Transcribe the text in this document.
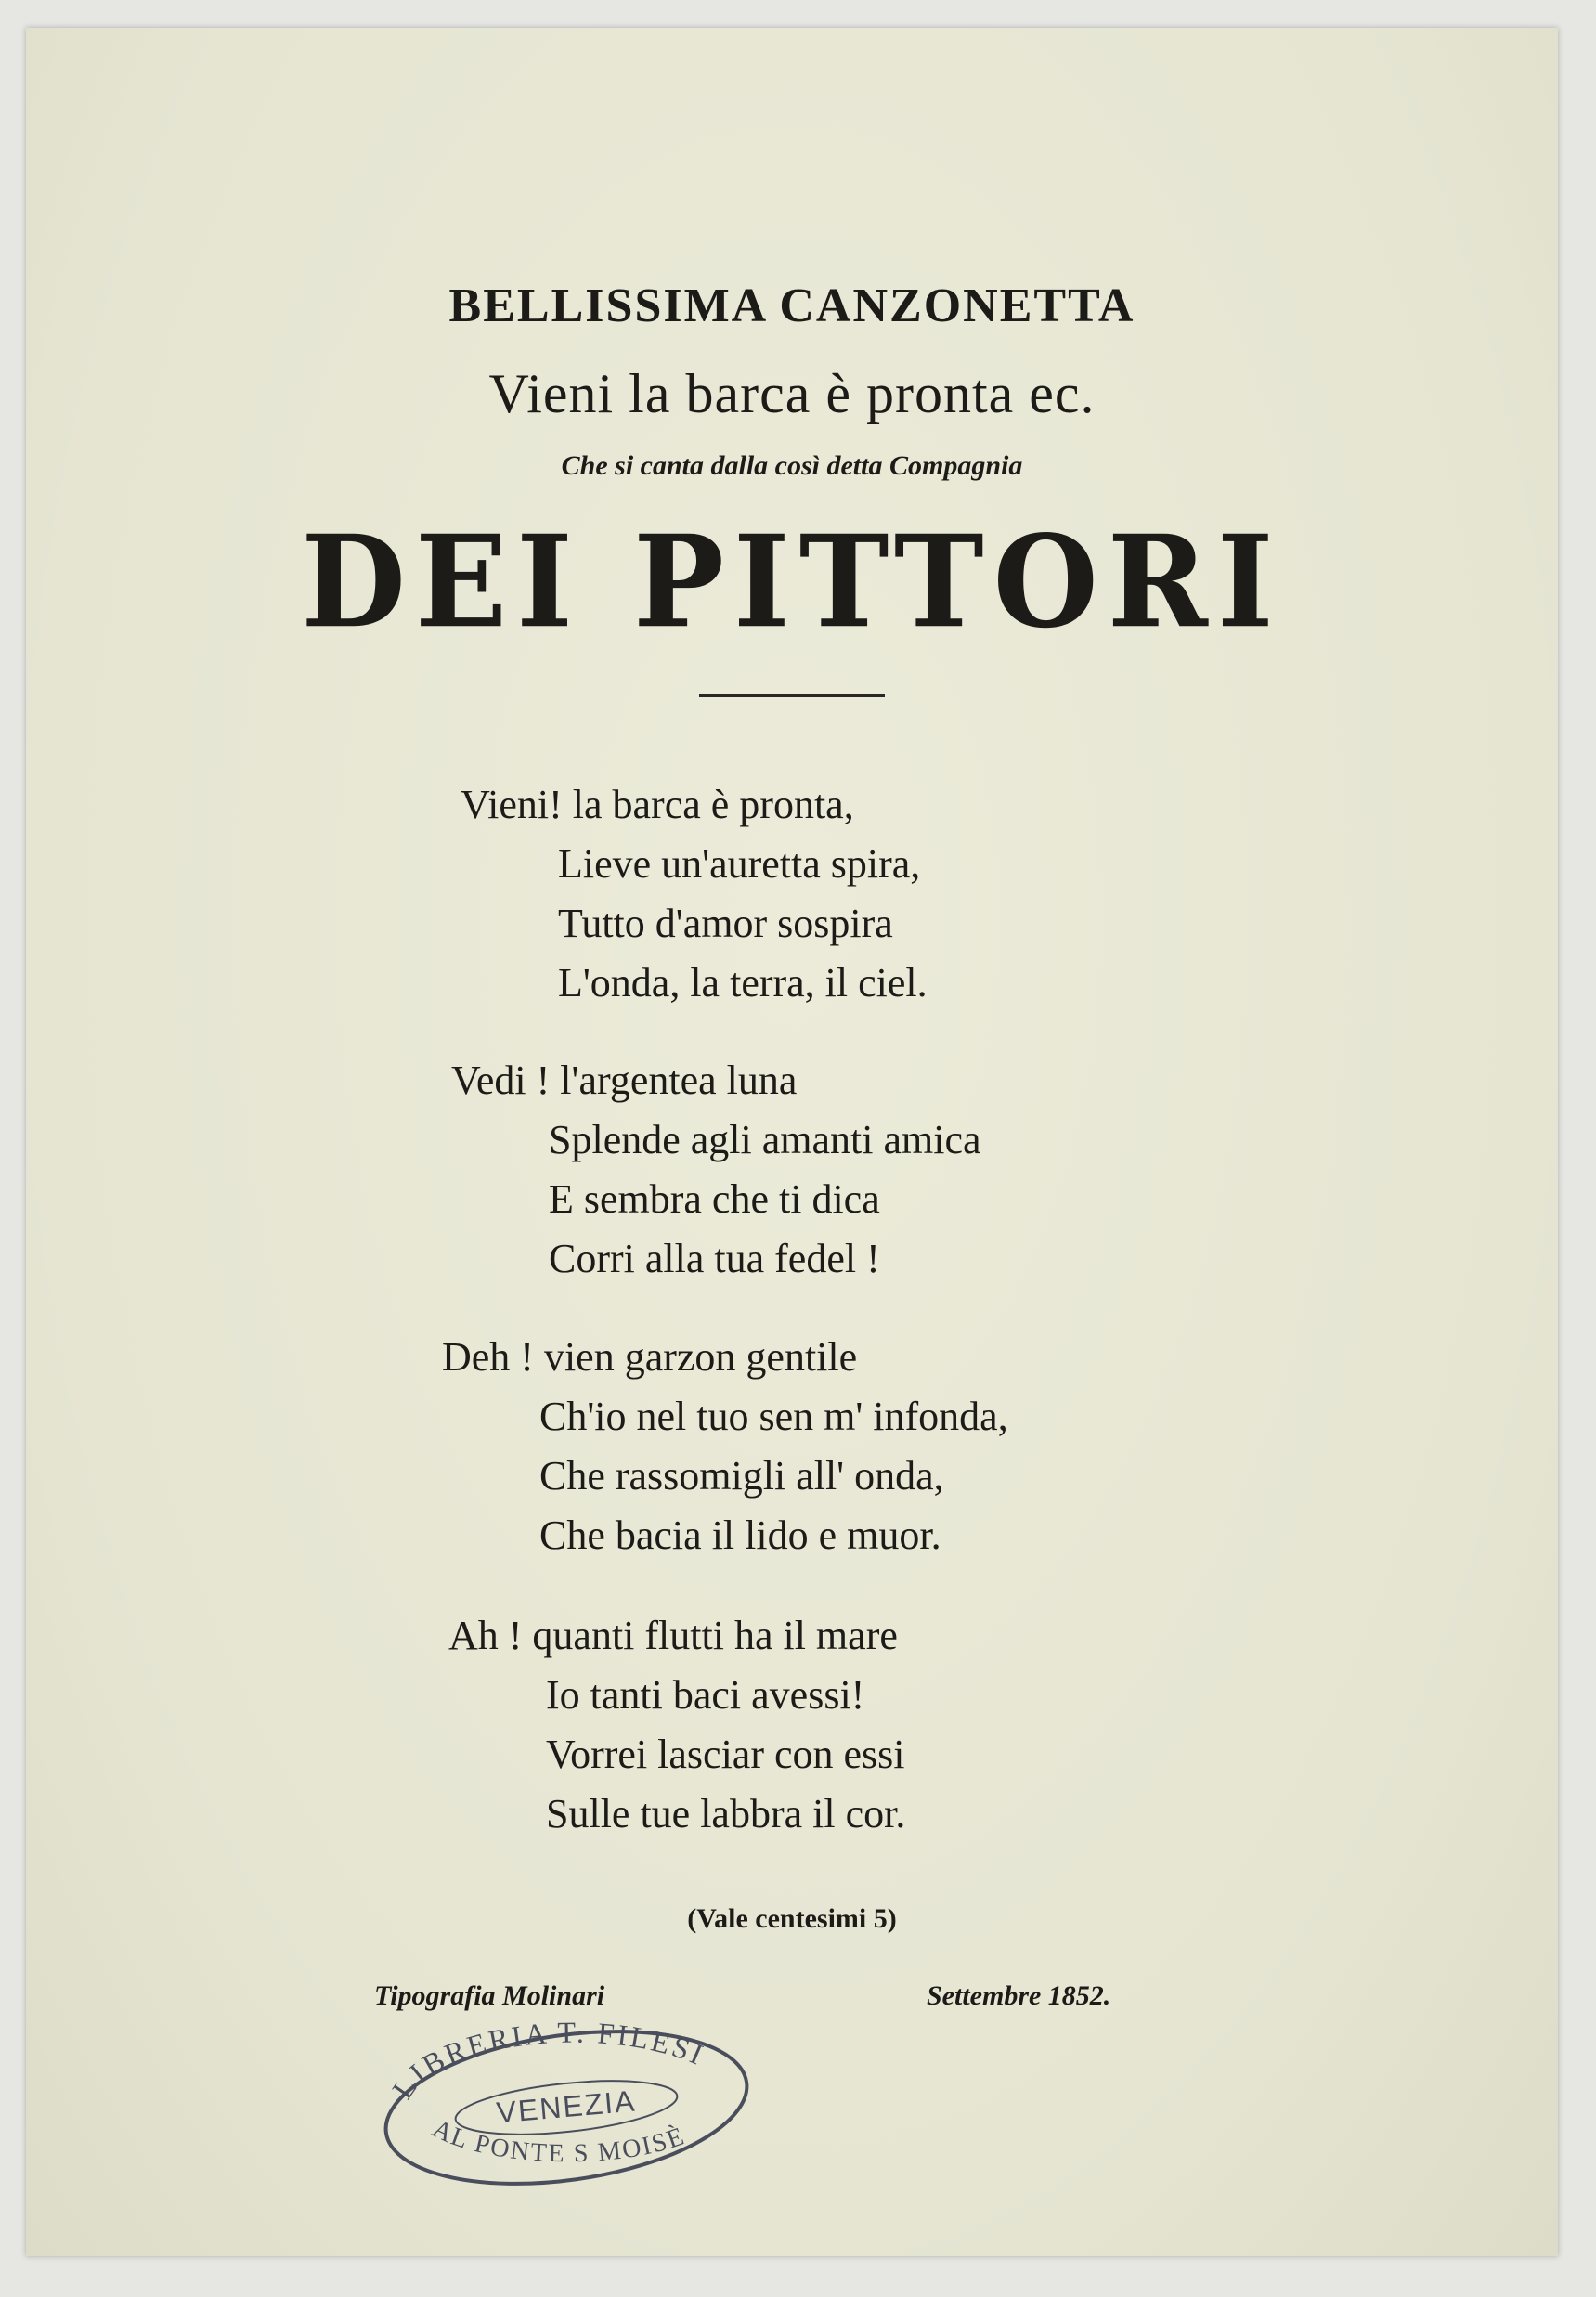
BELLISSIMA CANZONETTA
Vieni la barca è pronta ec.
Che si canta dalla così detta Compagnia
DEI PITTORI
Vieni! la barca è pronta,
Lieve un'auretta spira,
Tutto d'amor sospira
L'onda, la terra, il ciel.
Vedi ! l'argentea luna
Splende agli amanti amica
E sembra che ti dica
Corri alla tua fedel !
Deh ! vien garzon gentile
Ch'io nel tuo sen m' infonda,
Che rassomigli all' onda,
Che bacia il lido e muor.
Ah ! quanti flutti ha il mare
Io tanti baci avessi!
Vorrei lasciar con essi
Sulle tue labbra il cor.
(Vale centesimi 5)
Tipografia Molinari	Settembre 1852.
LIBRERIA T. FILESI
VENEZIA
AL PONTE S MOISÈ
